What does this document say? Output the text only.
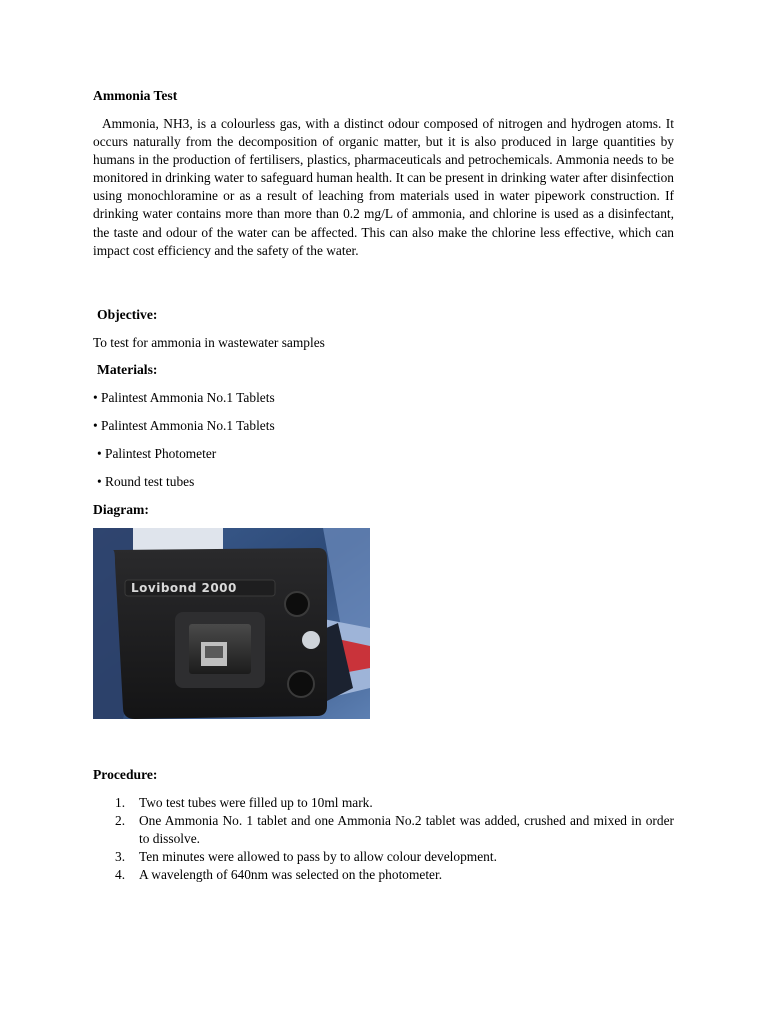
Ammonia Test

Ammonia, NH3, is a colourless gas, with a distinct odour composed of nitrogen and hydrogen atoms. It occurs naturally from the decomposition of organic matter, but it is also produced in large quantities by humans in the production of fertilisers, plastics, pharmaceuticals and petrochemicals. Ammonia needs to be monitored in drinking water to safeguard human health. It can be present in drinking water after disinfection using monochloramine or as a result of leaching from materials used in water pipework construction. If drinking water contains more than more than 0.2 mg/L of ammonia, and chlorine is used as a disinfectant, the taste and odour of the water can be affected. This can also make the chlorine less effective, which can impact cost efficiency and the safety of the water.

Objective:
To test for ammonia in wastewater samples
Materials:
• Palintest Ammonia No.1 Tablets
• Palintest Ammonia No.1 Tablets
• Palintest Photometer
• Round test tubes
Diagram:
Lovibond 2000
Procedure:
1. Two test tubes were filled up to 10ml mark.
2. One Ammonia No. 1 tablet and one Ammonia No.2 tablet was added, crushed and mixed in order to dissolve.
3. Ten minutes were allowed to pass by to allow colour development.
4. A wavelength of 640nm was selected on the photometer.
